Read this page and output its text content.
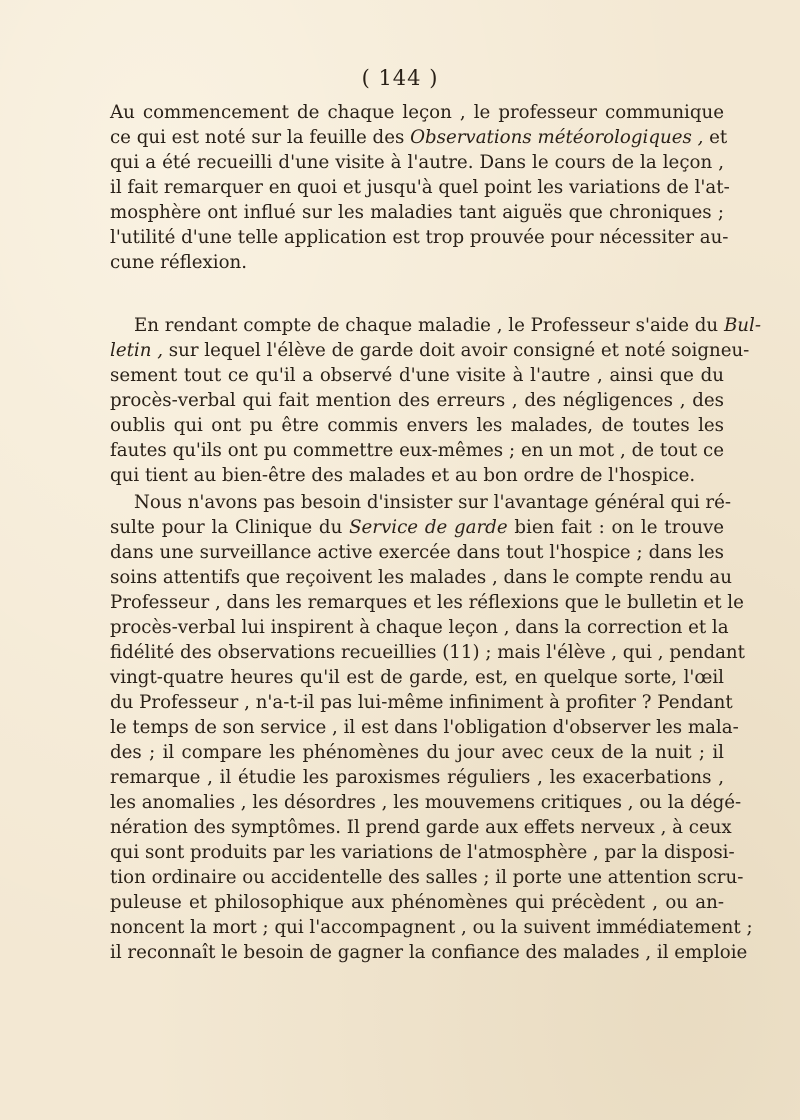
( 144 )
Au commencement de chaque leçon , le professeur communique
ce qui est noté sur la feuille des Observations météorologiques , et
qui a été recueilli d'une visite à l'autre. Dans le cours de la leçon ,
il fait remarquer en quoi et jusqu'à quel point les variations de l'at-
mosphère ont influé sur les maladies tant aiguës que chroniques ;
l'utilité d'une telle application est trop prouvée pour nécessiter au-
cune réflexion.
En rendant compte de chaque maladie , le Professeur s'aide du Bul-
letin , sur lequel l'élève de garde doit avoir consigné et noté soigneu-
sement tout ce qu'il a observé d'une visite à l'autre , ainsi que du
procès-verbal qui fait mention des erreurs , des négligences , des
oublis qui ont pu être commis envers les malades, de toutes les
fautes qu'ils ont pu commettre eux-mêmes ; en un mot , de tout ce
qui tient au bien-être des malades et au bon ordre de l'hospice.
Nous n'avons pas besoin d'insister sur l'avantage général qui ré-
sulte pour la Clinique du Service de garde bien fait : on le trouve
dans une surveillance active exercée dans tout l'hospice ; dans les
soins attentifs que reçoivent les malades , dans le compte rendu au
Professeur , dans les remarques et les réflexions que le bulletin et le
procès-verbal lui inspirent à chaque leçon , dans la correction et la
fidélité des observations recueillies (11) ; mais l'élève , qui , pendant
vingt-quatre heures qu'il est de garde, est, en quelque sorte, l'œil
du Professeur , n'a-t-il pas lui-même infiniment à profiter ? Pendant
le temps de son service , il est dans l'obligation d'observer les mala-
des ; il compare les phénomènes du jour avec ceux de la nuit ; il
remarque , il étudie les paroxismes réguliers , les exacerbations ,
les anomalies , les désordres , les mouvemens critiques , ou la dégé-
nération des symptômes. Il prend garde aux effets nerveux , à ceux
qui sont produits par les variations de l'atmosphère , par la disposi-
tion ordinaire ou accidentelle des salles ; il porte une attention scru-
puleuse et philosophique aux phénomènes qui précèdent , ou an-
noncent la mort ; qui l'accompagnent , ou la suivent immédiatement ;
il reconnaît le besoin de gagner la confiance des malades , il emploie
